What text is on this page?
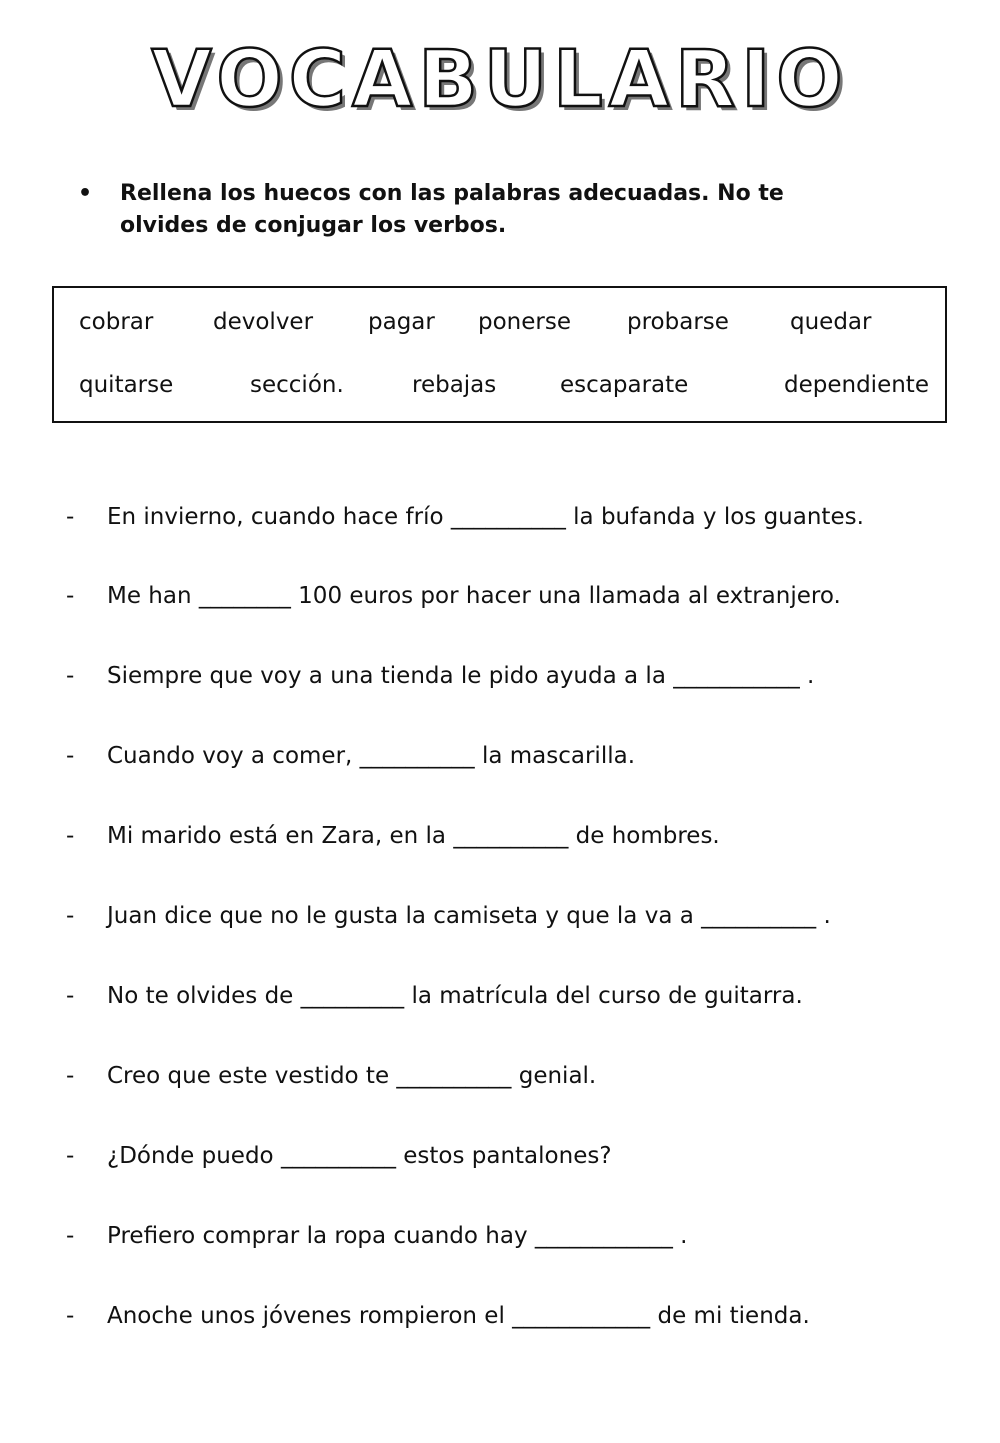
VOCABULARIO
• Rellena los huecos con las palabras adecuadas. No te olvides de conjugar los verbos.
cobrar	devolver pagar ponerse probarse	quedar
quitarse	sección.	rebajas	escaparate	dependiente
- En invierno, cuando hace frío __________ la bufanda y los guantes.
- Me han ________ 100 euros por hacer una llamada al extranjero.
- Siempre que voy a una tienda le pido ayuda a la ___________ .
- Cuando voy a comer, __________ la mascarilla.
- Mi marido está en Zara, en la __________ de hombres.
- Juan dice que no le gusta la camiseta y que la va a __________ .
- No te olvides de _________ la matrícula del curso de guitarra.
- Creo que este vestido te __________ genial.
- ¿Dónde puedo __________ estos pantalones?
- Prefiero comprar la ropa cuando hay ____________ .
- Anoche unos jóvenes rompieron el ____________ de mi tienda.
